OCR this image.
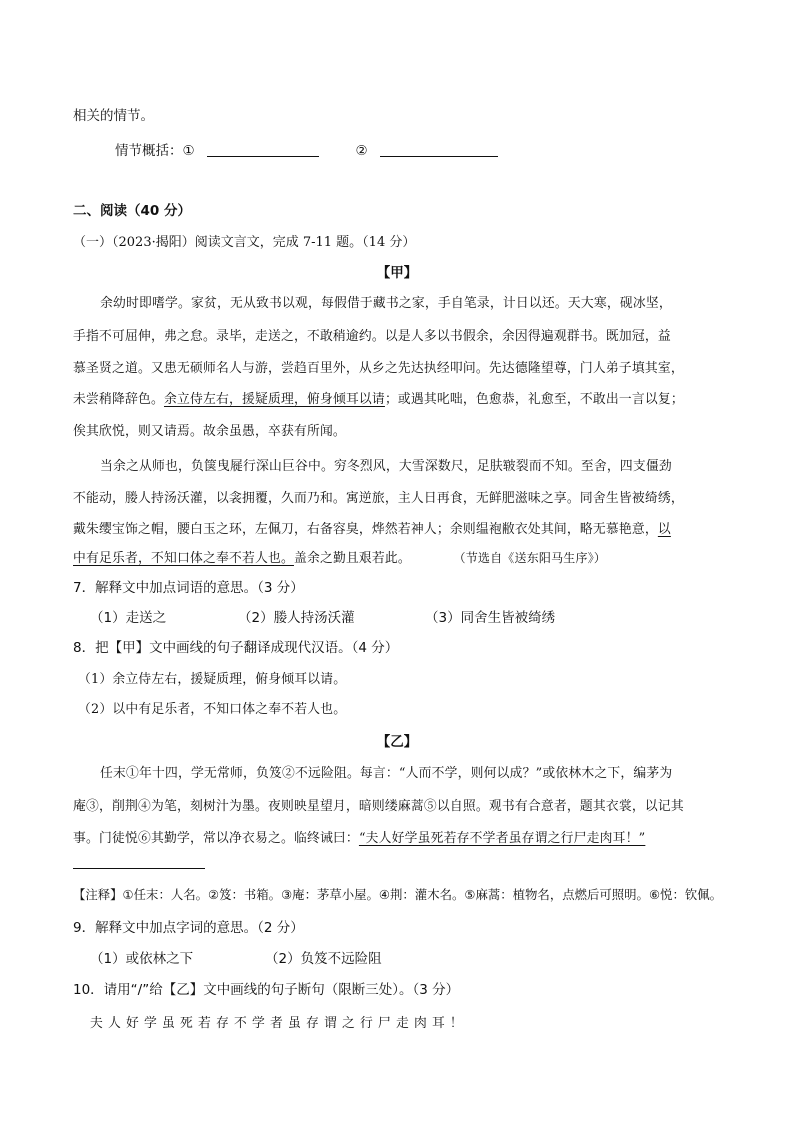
相关的情节。
情节概括：①	②
二、阅读（40 分）
（一）（2023·揭阳）阅读文言文，完成 7-11 题。（14 分）
【甲】
余幼时即嗜学。家贫，无从致书以观，每假借于藏书之家，手自笔录，计日以还。天大寒，砚冰坚，
手指不可屈伸，弗之怠。录毕，走送之，不敢稍逾约。以是人多以书假余，余因得遍观群书。既加冠，益
慕圣贤之道。又患无硕师名人与游，尝趋百里外，从乡之先达执经叩问。先达德隆望尊，门人弟子填其室，
未尝稍降辞色。余立侍左右，援疑质理，俯身倾耳以请；或遇其叱咄，色愈恭，礼愈至，不敢出一言以复；
俟其欣悦，则又请焉。故余虽愚，卒获有所闻。
当余之从师也，负箧曳屣行深山巨谷中。穷冬烈风，大雪深数尺，足肤皲裂而不知。至舍，四支僵劲
不能动，媵人持汤沃灌，以衾拥覆，久而乃和。寓逆旅，主人日再食，无鲜肥滋味之享。同舍生皆被绮绣，
戴朱缨宝饰之帽，腰白玉之环，左佩刀，右备容臭，烨然若神人；余则缊袍敝衣处其间，略无慕艳意，以
中有足乐者，不知口体之奉不若人也。盖余之勤且艰若此。	（节选自《送东阳马生序》）
7．解释文中加点词语的意思。（3 分）
（1）走送之	（2）媵人持汤沃灌	（3）同舍生皆被绮绣
8．把【甲】文中画线的句子翻译成现代汉语。（4 分）
（1）余立侍左右，援疑质理，俯身倾耳以请。
（2）以中有足乐者，不知口体之奉不若人也。
【乙】
任末①年十四，学无常师，负笈②不远险阻。每言：“人而不学，则何以成？”或依林木之下，编茅为
庵③，削荆④为笔，刻树汁为墨。夜则映星望月，暗则缕麻蒿⑤以自照。观书有合意者，题其衣裳，以记其
事。门徒悦⑥其勤学，常以净衣易之。临终诫曰：“夫人好学虽死若存不学者虽存谓之行尸走肉耳！”
【注释】①任末：人名。②笈：书箱。③庵：茅草小屋。④荆：灌木名。⑤麻蒿：植物名，点燃后可照明。⑥悦：钦佩。
9．解释文中加点字词的意思。（2 分）
（1）或依林之下	（2）负笈不远险阻
10．请用“/”给【乙】文中画线的句子断句（限断三处）。（3 分）
夫人好学虽死若存不学者虽存谓之行尸走肉耳！
